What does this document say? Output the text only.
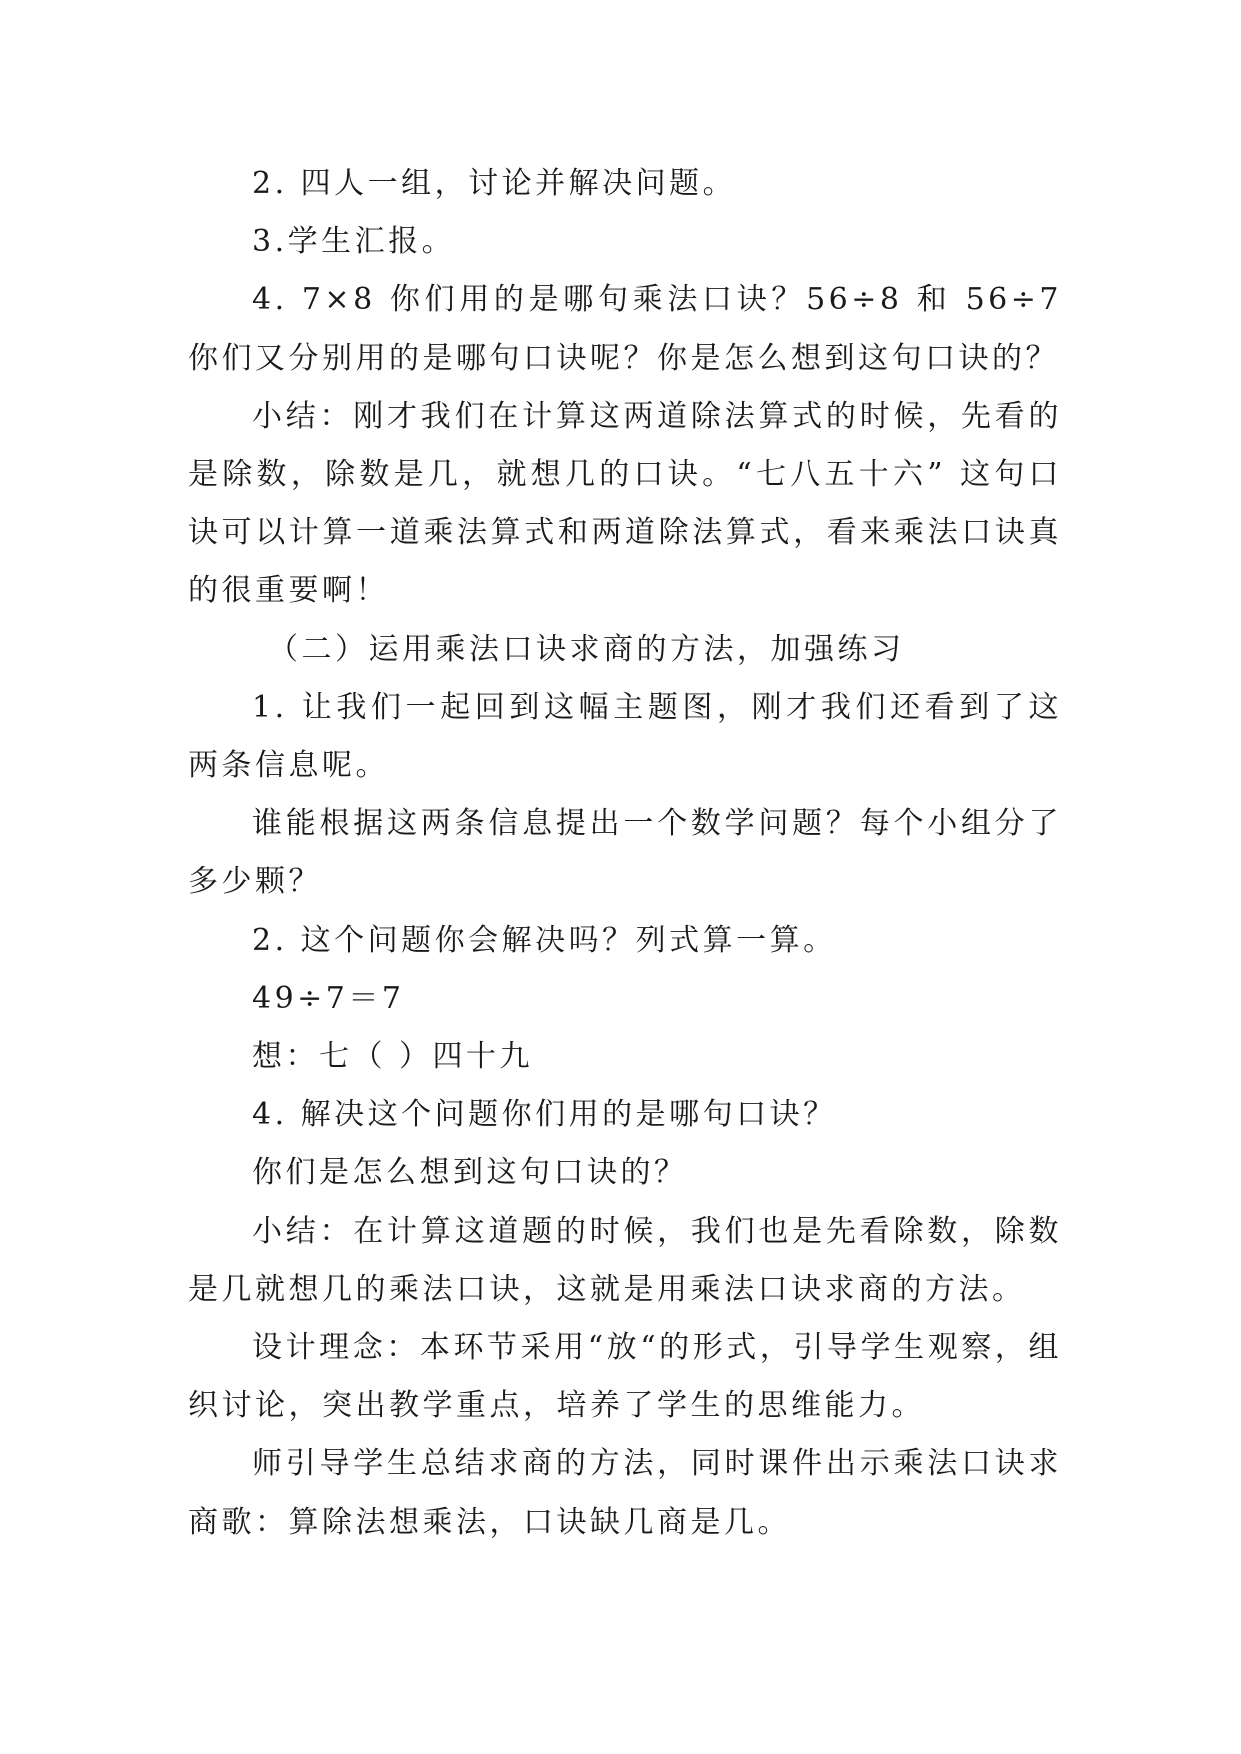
2. 四人一组，讨论并解决问题。

3.学生汇报。

4. 7×8 你们用的是哪句乘法口诀？56÷8 和 56÷7 你们又分别用的是哪句口诀呢？你是怎么想到这句口诀的？

小结：刚才我们在计算这两道除法算式的时候，先看的是除数，除数是几，就想几的口诀。“七八五十六” 这句口诀可以计算一道乘法算式和两道除法算式，看来乘法口诀真的很重要啊！

（二）运用乘法口诀求商的方法，加强练习

1. 让我们一起回到这幅主题图，刚才我们还看到了这两条信息呢。

谁能根据这两条信息提出一个数学问题？每个小组分了多少颗？

2. 这个问题你会解决吗？列式算一算。

49÷7＝7

想：七（ ）四十九

4. 解决这个问题你们用的是哪句口诀？

你们是怎么想到这句口诀的？

小结：在计算这道题的时候，我们也是先看除数，除数是几就想几的乘法口诀，这就是用乘法口诀求商的方法。

设计理念：本环节采用“放“的形式，引导学生观察，组织讨论，突出教学重点，培养了学生的思维能力。

师引导学生总结求商的方法，同时课件出示乘法口诀求商歌：算除法想乘法，口诀缺几商是几。
